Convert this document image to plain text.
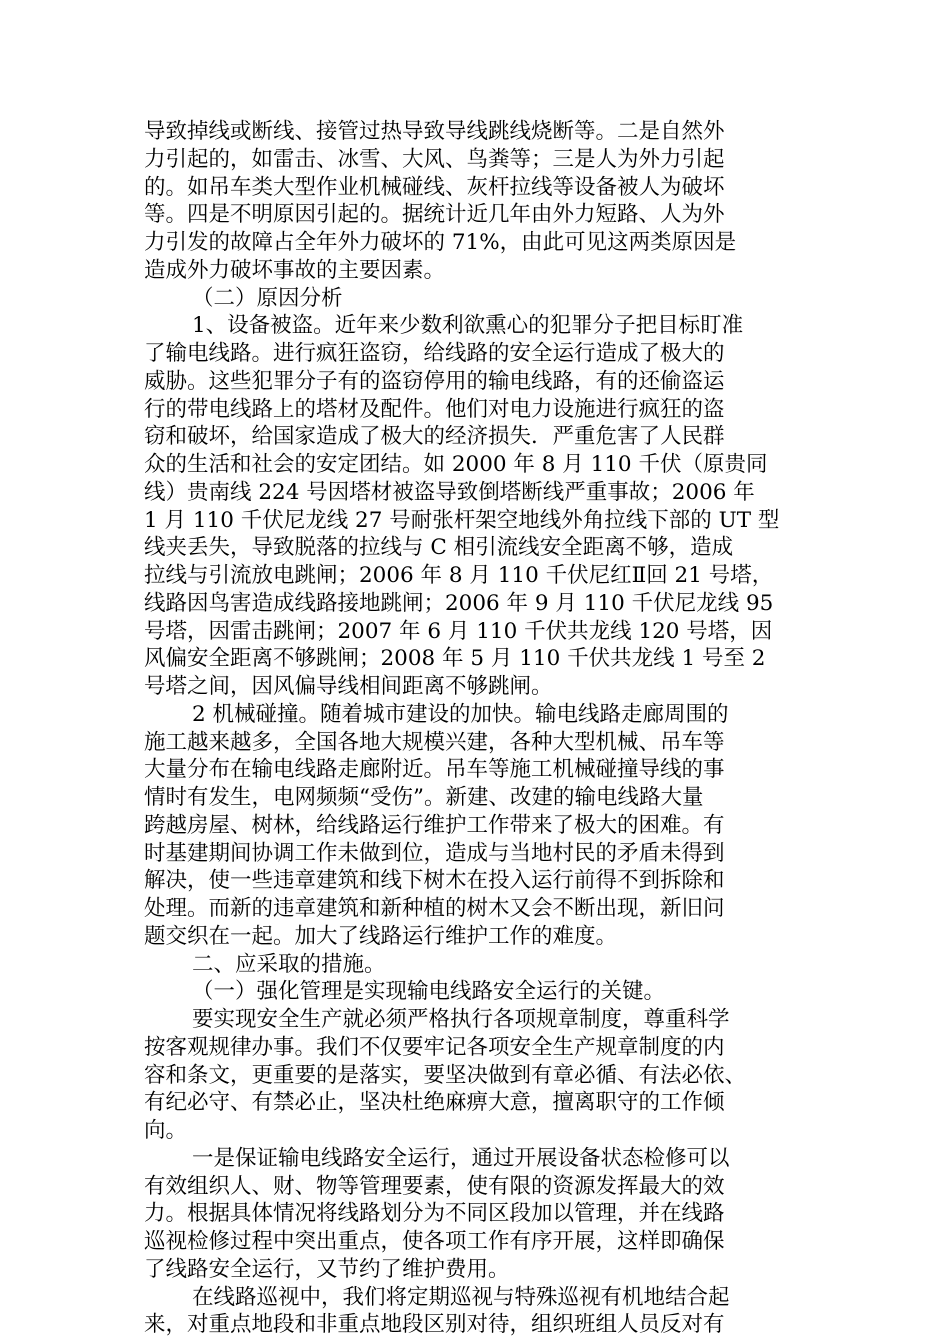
导致掉线或断线、接管过热导致导线跳线烧断等。二是自然外
力引起的，如雷击、冰雪、大风、鸟粪等；三是人为外力引起
的。如吊车类大型作业机械碰线、灰杆拉线等设备被人为破坏
等。四是不明原因引起的。据统计近几年由外力短路、人为外
力引发的故障占全年外力破坏的 71%，由此可见这两类原因是
造成外力破坏事故的主要因素。
（二）原因分析
1、设备被盗。近年来少数利欲熏心的犯罪分子把目标盯准
了输电线路。进行疯狂盗窃，给线路的安全运行造成了极大的
威胁。这些犯罪分子有的盗窃停用的输电线路，有的还偷盗运
行的带电线路上的塔材及配件。他们对电力设施进行疯狂的盗
窃和破坏，给国家造成了极大的经济损失．严重危害了人民群
众的生活和社会的安定团结。如 2000 年 8 月 110 千伏（原贵同
线）贵南线 224 号因塔材被盗导致倒塔断线严重事故；2006 年
1 月 110 千伏尼龙线 27 号耐张杆架空地线外角拉线下部的 UT 型
线夹丢失，导致脱落的拉线与 C 相引流线安全距离不够，造成
拉线与引流放电跳闸；2006 年 8 月 110 千伏尼红Ⅱ回 21 号塔，
线路因鸟害造成线路接地跳闸；2006 年 9 月 110 千伏尼龙线 95
号塔，因雷击跳闸；2007 年 6 月 110 千伏共龙线 120 号塔，因
风偏安全距离不够跳闸；2008 年 5 月 110 千伏共龙线 1 号至 2
号塔之间，因风偏导线相间距离不够跳闸。
2 机械碰撞。随着城市建设的加快。输电线路走廊周围的
施工越来越多，全国各地大规模兴建，各种大型机械、吊车等
大量分布在输电线路走廊附近。吊车等施工机械碰撞导线的事
情时有发生，电网频频“受伤”。新建、改建的输电线路大量
跨越房屋、树林，给线路运行维护工作带来了极大的困难。有
时基建期间协调工作未做到位，造成与当地村民的矛盾未得到
解决，使一些违章建筑和线下树木在投入运行前得不到拆除和
处理。而新的违章建筑和新种植的树木又会不断出现，新旧问
题交织在一起。加大了线路运行维护工作的难度。
二、应采取的措施。
（一）强化管理是实现输电线路安全运行的关键。
要实现安全生产就必须严格执行各项规章制度，尊重科学
按客观规律办事。我们不仅要牢记各项安全生产规章制度的内
容和条文，更重要的是落实，要坚决做到有章必循、有法必依、
有纪必守、有禁必止，坚决杜绝麻痹大意，擅离职守的工作倾
向。
一是保证输电线路安全运行，通过开展设备状态检修可以
有效组织人、财、物等管理要素，使有限的资源发挥最大的效
力。根据具体情况将线路划分为不同区段加以管理，并在线路
巡视检修过程中突出重点，使各项工作有序开展，这样即确保
了线路安全运行，又节约了维护费用。
在线路巡视中，我们将定期巡视与特殊巡视有机地结合起
来，对重点地段和非重点地段区别对待，组织班组人员反对有
